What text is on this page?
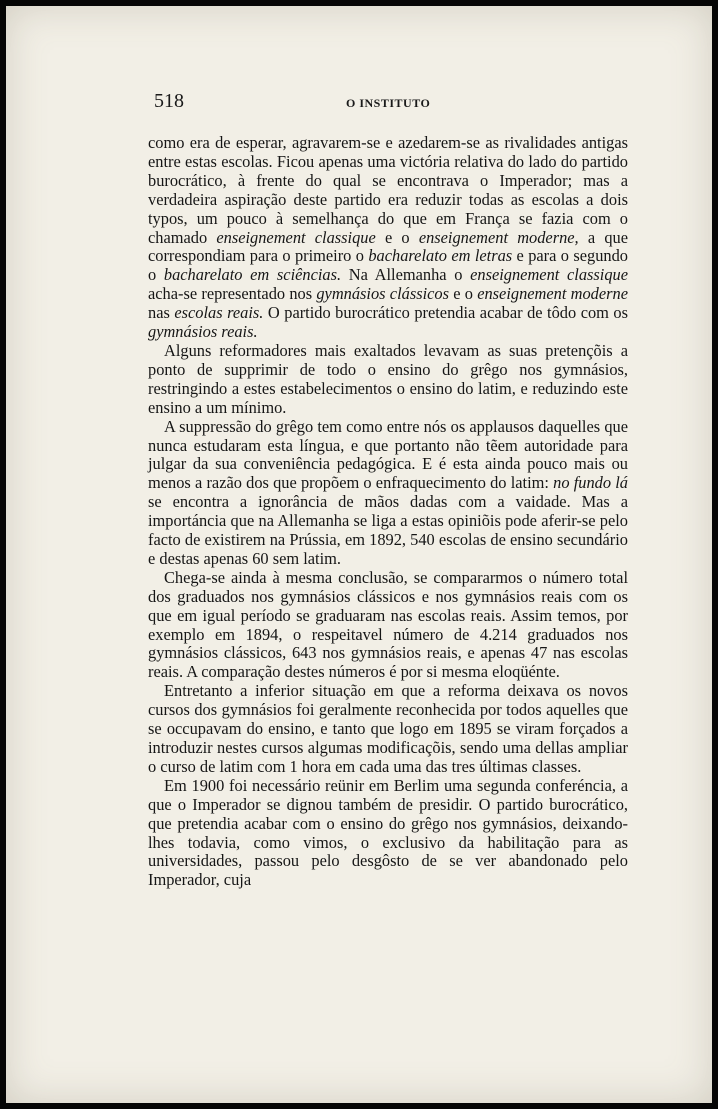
518	O INSTITUTO

como era de esperar, agravarem-se e azedarem-se as rivalidades antigas entre estas escolas. Ficou apenas uma victória relativa do lado do partido burocrático, à frente do qual se encontrava o Imperador; mas a verdadeira aspiração deste partido era reduzir todas as escolas a dois typos, um pouco à semelhança do que em França se fazia com o chamado enseignement classique e o enseignement moderne, a que correspondiam para o primeiro o bacharelato em letras e para o segundo o bacharelato em sciências. Na Allemanha o enseignement classique acha-se representado nos gymnásios clássicos e o enseignement moderne nas escolas reais. O partido burocrático pretendia acabar de tôdo com os gymnásios reais.

Alguns reformadores mais exaltados levavam as suas pretençõis a ponto de supprimir de todo o ensino do grêgo nos gymnásios, restringindo a estes estabelecimentos o ensino do latim, e reduzindo este ensino a um mínimo.

A suppressão do grêgo tem como entre nós os applausos daquelles que nunca estudaram esta língua, e que portanto não tẽem autoridade para julgar da sua conveniência pedagógica. E é esta ainda pouco mais ou menos a razão dos que propõem o enfraquecimento do latim: no fundo lá se encontra a ignorância de mãos dadas com a vaidade. Mas a importáncia que na Allemanha se liga a estas opiniõis pode aferir-se pelo facto de existirem na Prússia, em 1892, 540 escolas de ensino secundário e destas apenas 60 sem latim.

Chega-se ainda à mesma conclusão, se compararmos o número total dos graduados nos gymnásios clássicos e nos gymnásios reais com os que em igual período se graduaram nas escolas reais. Assim temos, por exemplo em 1894, o respeitavel número de 4.214 graduados nos gymnásios clássicos, 643 nos gymnásios reais, e apenas 47 nas escolas reais. A comparação destes números é por si mesma eloqüénte.

Entretanto a inferior situação em que a reforma deixava os novos cursos dos gymnásios foi geralmente reconhecida por todos aquelles que se occupavam do ensino, e tanto que logo em 1895 se viram forçados a introduzir nestes cursos algumas modificaçõis, sendo uma dellas ampliar o curso de latim com 1 hora em cada uma das tres últimas classes.

Em 1900 foi necessário reünir em Berlim uma segunda conferéncia, a que o Imperador se dignou também de presidir. O partido burocrático, que pretendia acabar com o ensino do grêgo nos gymnásios, deixando-lhes todavia, como vimos, o exclusivo da habilitação para as universidades, passou pelo desgôsto de se ver abandonado pelo Imperador, cuja
